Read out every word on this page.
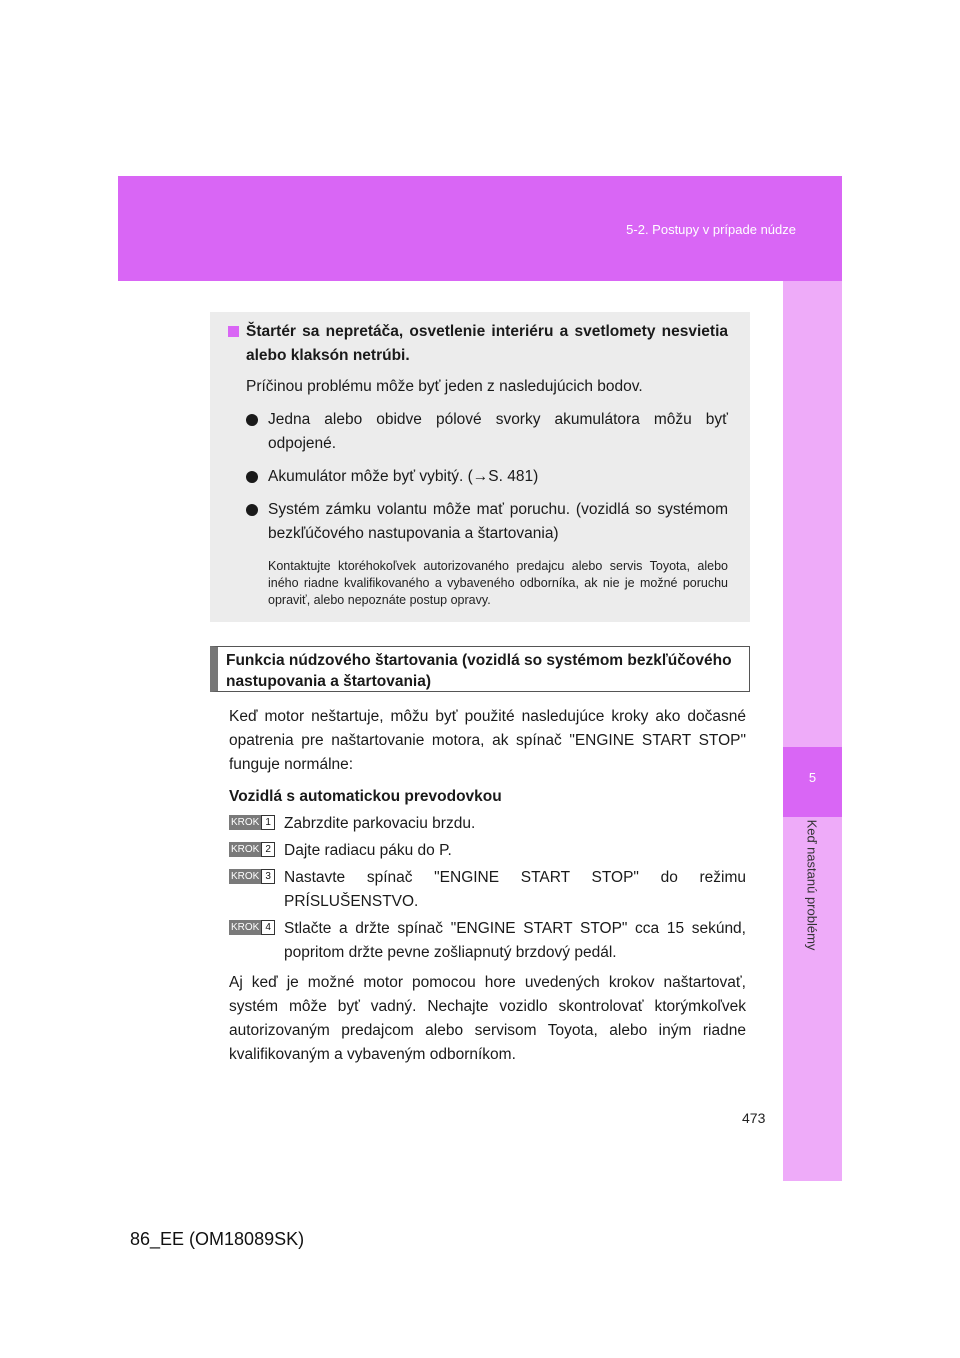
5-2. Postupy v prípade núdze
5
Keď nastanú problémy
Štartér sa nepretáča, osvetlenie interiéru a svetlomety nesvietia alebo klaksón netrúbi.
Príčinou problému môže byť jeden z nasledujúcich bodov.
Jedna alebo obidve pólové svorky akumulátora môžu byť odpojené.
Akumulátor môže byť vybitý. (→S. 481)
Systém zámku volantu môže mať poruchu. (vozidlá so systémom bezkľúčového nastupovania a štartovania)
Kontaktujte ktoréhokoľvek autorizovaného predajcu alebo servis Toyota, alebo iného riadne kvalifikovaného a vybaveného odborníka, ak nie je možné poruchu opraviť, alebo nepoznáte postup opravy.
Funkcia núdzového štartovania (vozidlá so systémom bezkľúčového nastupovania a štartovania)

Keď motor neštartuje, môžu byť použité nasledujúce kroky ako dočasné opatrenia pre naštartovanie motora, ak spínač "ENGINE START STOP" funguje normálne:

Vozidlá s automatickou prevodovkou
KROK 1 Zabrzdite parkovaciu brzdu.
KROK 2 Dajte radiacu páku do P.
KROK 3 Nastavte spínač "ENGINE START STOP" do režimu PRÍSLUŠENSTVO.
KROK 4 Stlačte a držte spínač "ENGINE START STOP" cca 15 sekúnd, popritom držte pevne zošliapnutý brzdový pedál.

Aj keď je možné motor pomocou hore uvedených krokov naštartovať, systém môže byť vadný. Nechajte vozidlo skontrolovať ktorýmkoľvek autorizovaným predajcom alebo servisom Toyota, alebo iným riadne kvalifikovaným a vybaveným odborníkom.

473
86_EE (OM18089SK)
